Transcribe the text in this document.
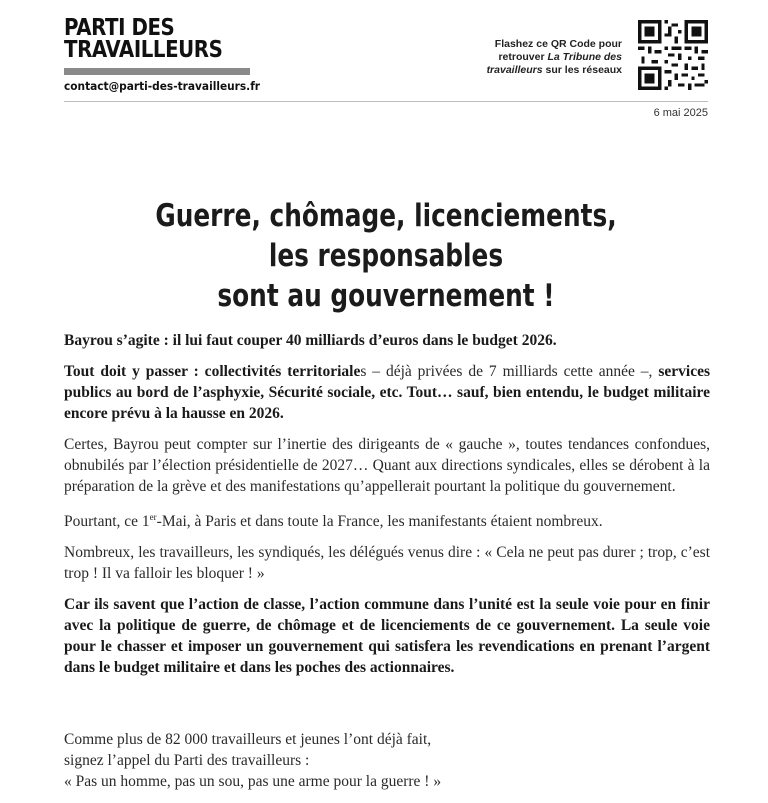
PARTI DES
TRAVAILLEURS
contact@parti-des-travailleurs.fr
Flashez ce QR Code pour
retrouver La Tribune des
travailleurs sur les réseaux
6 mai 2025
Guerre, chômage, licenciements,
les responsables
sont au gouvernement !

Bayrou s’agite : il lui faut couper 40 milliards d’euros dans le budget 2026.

Tout doit y passer : collectivités territoriales – déjà privées de 7 milliards cette année –, services publics au bord de l’asphyxie, Sécurité sociale, etc. Tout… sauf, bien entendu, le budget militaire encore prévu à la hausse en 2026.

Certes, Bayrou peut compter sur l’inertie des dirigeants de « gauche », toutes tendances confondues, obnubilés par l’élection présidentielle de 2027… Quant aux directions syndicales, elles se dérobent à la préparation de la grève et des manifestations qu’appellerait pourtant la politique du gouvernement.

Pourtant, ce 1er-Mai, à Paris et dans toute la France, les manifestants étaient nombreux.

Nombreux, les travailleurs, les syndiqués, les délégués venus dire : « Cela ne peut pas durer ; trop, c’est trop ! Il va falloir les bloquer ! »

Car ils savent que l’action de classe, l’action commune dans l’unité est la seule voie pour en finir avec la politique de guerre, de chômage et de licenciements de ce gouvernement. La seule voie pour le chasser et imposer un gouvernement qui satisfera les revendications en prenant l’argent dans le budget militaire et dans les poches des actionnaires.

Comme plus de 82 000 travailleurs et jeunes l’ont déjà fait,
signez l’appel du Parti des travailleurs :
« Pas un homme, pas un sou, pas une arme pour la guerre ! »
